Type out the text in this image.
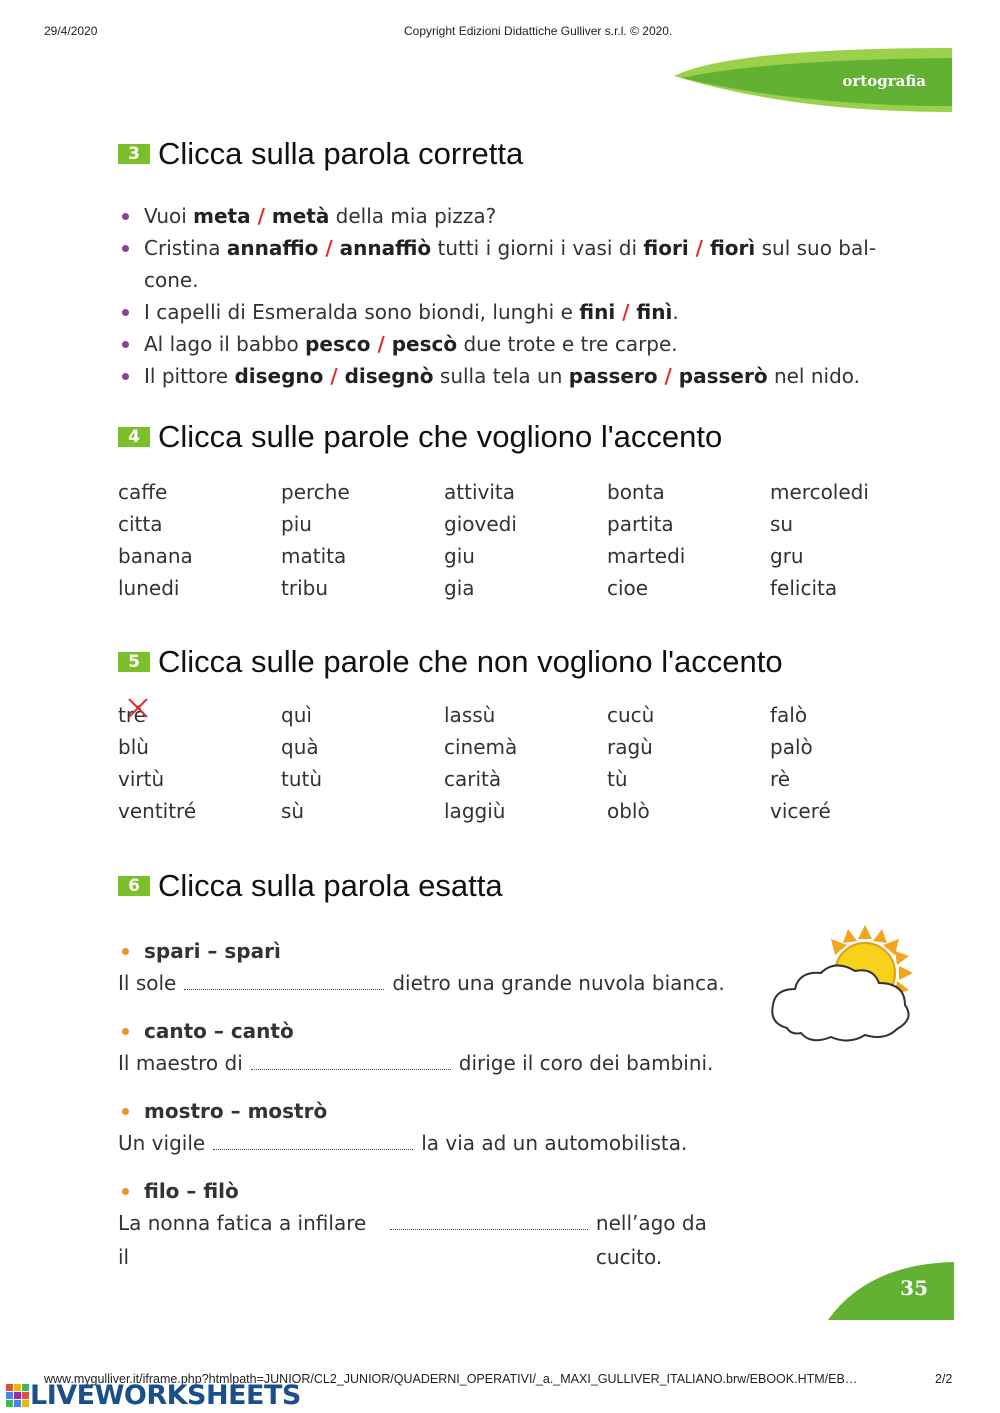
29/4/2020	Copyright Edizioni Didattiche Gulliver s.r.l. © 2020.
ortografia
3 Clicca sulla parola corretta
Vuoi meta / metà della mia pizza?
Cristina annaffio / annaffiò tutti i giorni i vasi di fiori / fiorì sul suo bal-
cone.
I capelli di Esmeralda sono biondi, lunghi e fini / finì.
Al lago il babbo pesco / pescò due trote e tre carpe.
Il pittore disegno / disegnò sulla tela un passero / passerò nel nido.
4 Clicca sulle parole che vogliono l'accento
caffe	perche	attivita	bonta	mercoledi
citta	piu	giovedi	partita	su
banana	matita	giu	martedi	gru
lunedi	tribu	gia	cioe	felicita
5 Clicca sulle parole che non vogliono l'accento
trè	quì	lassù	cucù	falò
blù	quà	cinemà	ragù	palò
virtù	tutù	carità	tù	rè
ventitré	sù	laggiù	oblò	viceré
6 Clicca sulla parola esatta
spari – sparì
Il sole	dietro una grande nuvola bianca.
canto – cantò
Il maestro di	dirige il coro dei bambini.
mostro – mostrò
Un vigile	la via ad un automobilista.
filo – filò
La nonna fatica a infilare il
nell’ago da cucito.
35
www.mygulliver.it/iframe.php?htmlpath=JUNIOR/CL2_JUNIOR/QUADERNI_OPERATIVI/_a._MAXI_GULLIVER_ITALIANO.brw/EBOOK.HTM/EB…	2/2
LIVEWORKSHEETS
